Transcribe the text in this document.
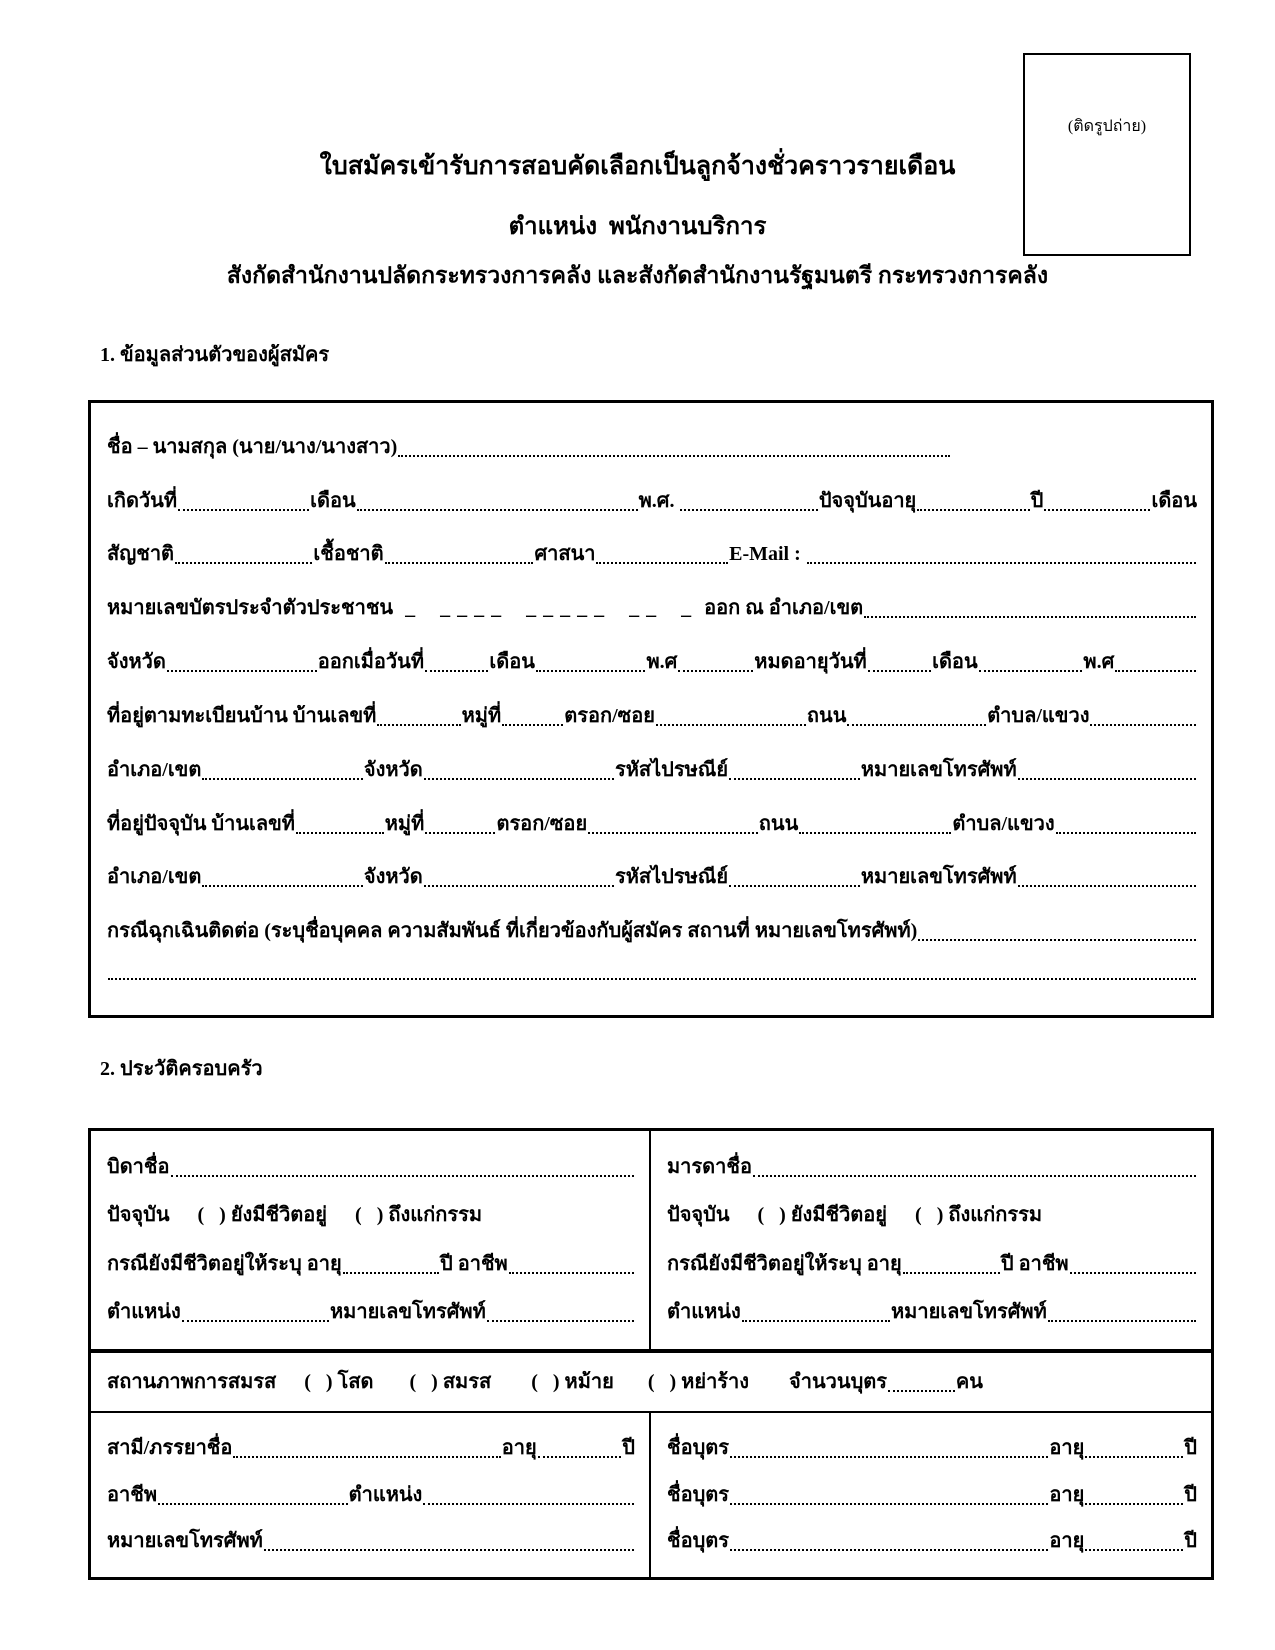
(ติดรูปถ่าย)
ใบสมัครเข้ารับการสอบคัดเลือกเป็นลูกจ้างชั่วคราวรายเดือน
ตำแหน่ง  พนักงานบริการ
สังกัดสำนักงานปลัดกระทรวงการคลัง และสังกัดสำนักงานรัฐมนตรี กระทรวงการคลัง
1. ข้อมูลส่วนตัวของผู้สมัคร
ชื่อ – นามสกุล (นาย/นาง/นางสาว)
เกิดวันที่	เดือน	พ.ศ.	ปัจจุบันอายุ	ปี	เดือน
สัญชาติ	เชื้อชาติ	ศาสนา	E-Mail :
หมายเลขบัตรประจำตัวประชาชน _    _ _ _ _    _ _ _ _ _    _ _    _ ออก ณ อำเภอ/เขต
จังหวัด	ออกเมื่อวันที่	เดือน	พ.ศ	หมดอายุวันที่	เดือน	พ.ศ
ที่อยู่ตามทะเบียนบ้าน บ้านเลขที่	หมู่ที่	ตรอก/ซอย	ถนน	ตำบล/แขวง
อำเภอ/เขต	จังหวัด	รหัสไปรษณีย์	หมายเลขโทรศัพท์
ที่อยู่ปัจจุบัน บ้านเลขที่	หมู่ที่	ตรอก/ซอย	ถนน	ตำบล/แขวง
อำเภอ/เขต	จังหวัด	รหัสไปรษณีย์	หมายเลขโทรศัพท์
กรณีฉุกเฉินติดต่อ (ระบุชื่อบุคคล ความสัมพันธ์ ที่เกี่ยวข้องกับผู้สมัคร สถานที่ หมายเลขโทรศัพท์)
2. ประวัติครอบครัว
บิดาชื่อ
ปัจจุบัน (   ) ยังมีชีวิตอยู่ (   ) ถึงแก่กรรม
กรณียังมีชีวิตอยู่ให้ระบุ อายุ	ปี อาชีพ
ตำแหน่ง	หมายเลขโทรศัพท์
มารดาชื่อ
ปัจจุบัน (   ) ยังมีชีวิตอยู่ (   ) ถึงแก่กรรม
กรณียังมีชีวิตอยู่ให้ระบุ อายุ	ปี อาชีพ
ตำแหน่ง	หมายเลขโทรศัพท์
สถานภาพการสมรส (   ) โสด (   ) สมรส (   ) หม้าย (   ) หย่าร้าง จำนวนบุตร	คน
สามี/ภรรยาชื่อ	อายุ	ปี
อาชีพ	ตำแหน่ง
หมายเลขโทรศัพท์
ชื่อบุตร	อายุ	ปี
ชื่อบุตร	อายุ	ปี
ชื่อบุตร	อายุ	ปี
